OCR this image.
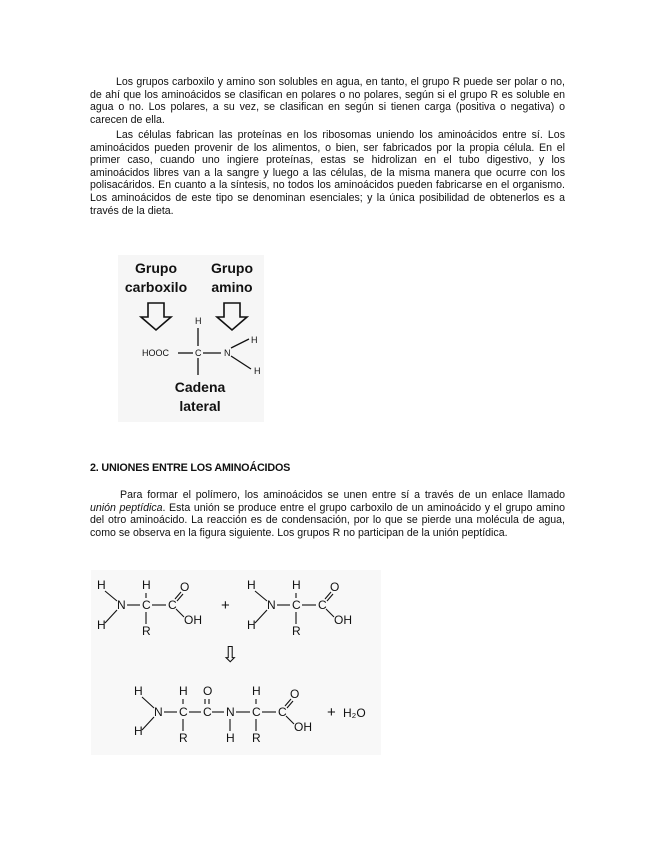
Los grupos carboxilo y amino son solubles en agua, en tanto, el grupo R puede ser polar o no, de ahí que los aminoácidos se clasifican en polares o no polares, según si el grupo R es soluble en agua o no. Los polares, a su vez, se clasifican en según si tienen carga (positiva o negativa) o carecen de ella.

Las células fabrican las proteínas en los ribosomas uniendo los aminoácidos entre sí. Los aminoácidos pueden provenir de los alimentos, o bien, ser fabricados por la propia célula. En el primer caso, cuando uno ingiere proteínas, estas se hidrolizan en el tubo digestivo, y los aminoácidos libres van a la sangre y luego a las células, de la misma manera que ocurre con los polisacáridos. En cuanto a la síntesis, no todos los aminoácidos pueden fabricarse en el organismo. Los aminoácidos de este tipo se denominan esenciales; y la única posibilidad de obtenerlos es a través de la dieta.

Grupo
carboxilo
Grupo
amino
HOOC	C	N
H
H
H
Cadena
lateral
2. UNIONES ENTRE LOS AMINOÁCIDOS

Para formar el polímero, los aminoácidos se unen entre sí a través de un enlace llamado unión peptídica. Esta unión se produce entre el grupo carboxilo de un aminoácido y el grupo amino del otro aminoácido. La reacción es de condensación, por lo que se pierde una molécula de agua, como se observa en la figura siguiente. Los grupos R no participan de la unión peptídica.

H
H
N C
H
R
C
O
OH
+
H
H
N C
H
R
C
O
OH
⇩
H
H
N C
H
R
C
O
N
H
C
H
R
C
O
OH
+ H₂O
